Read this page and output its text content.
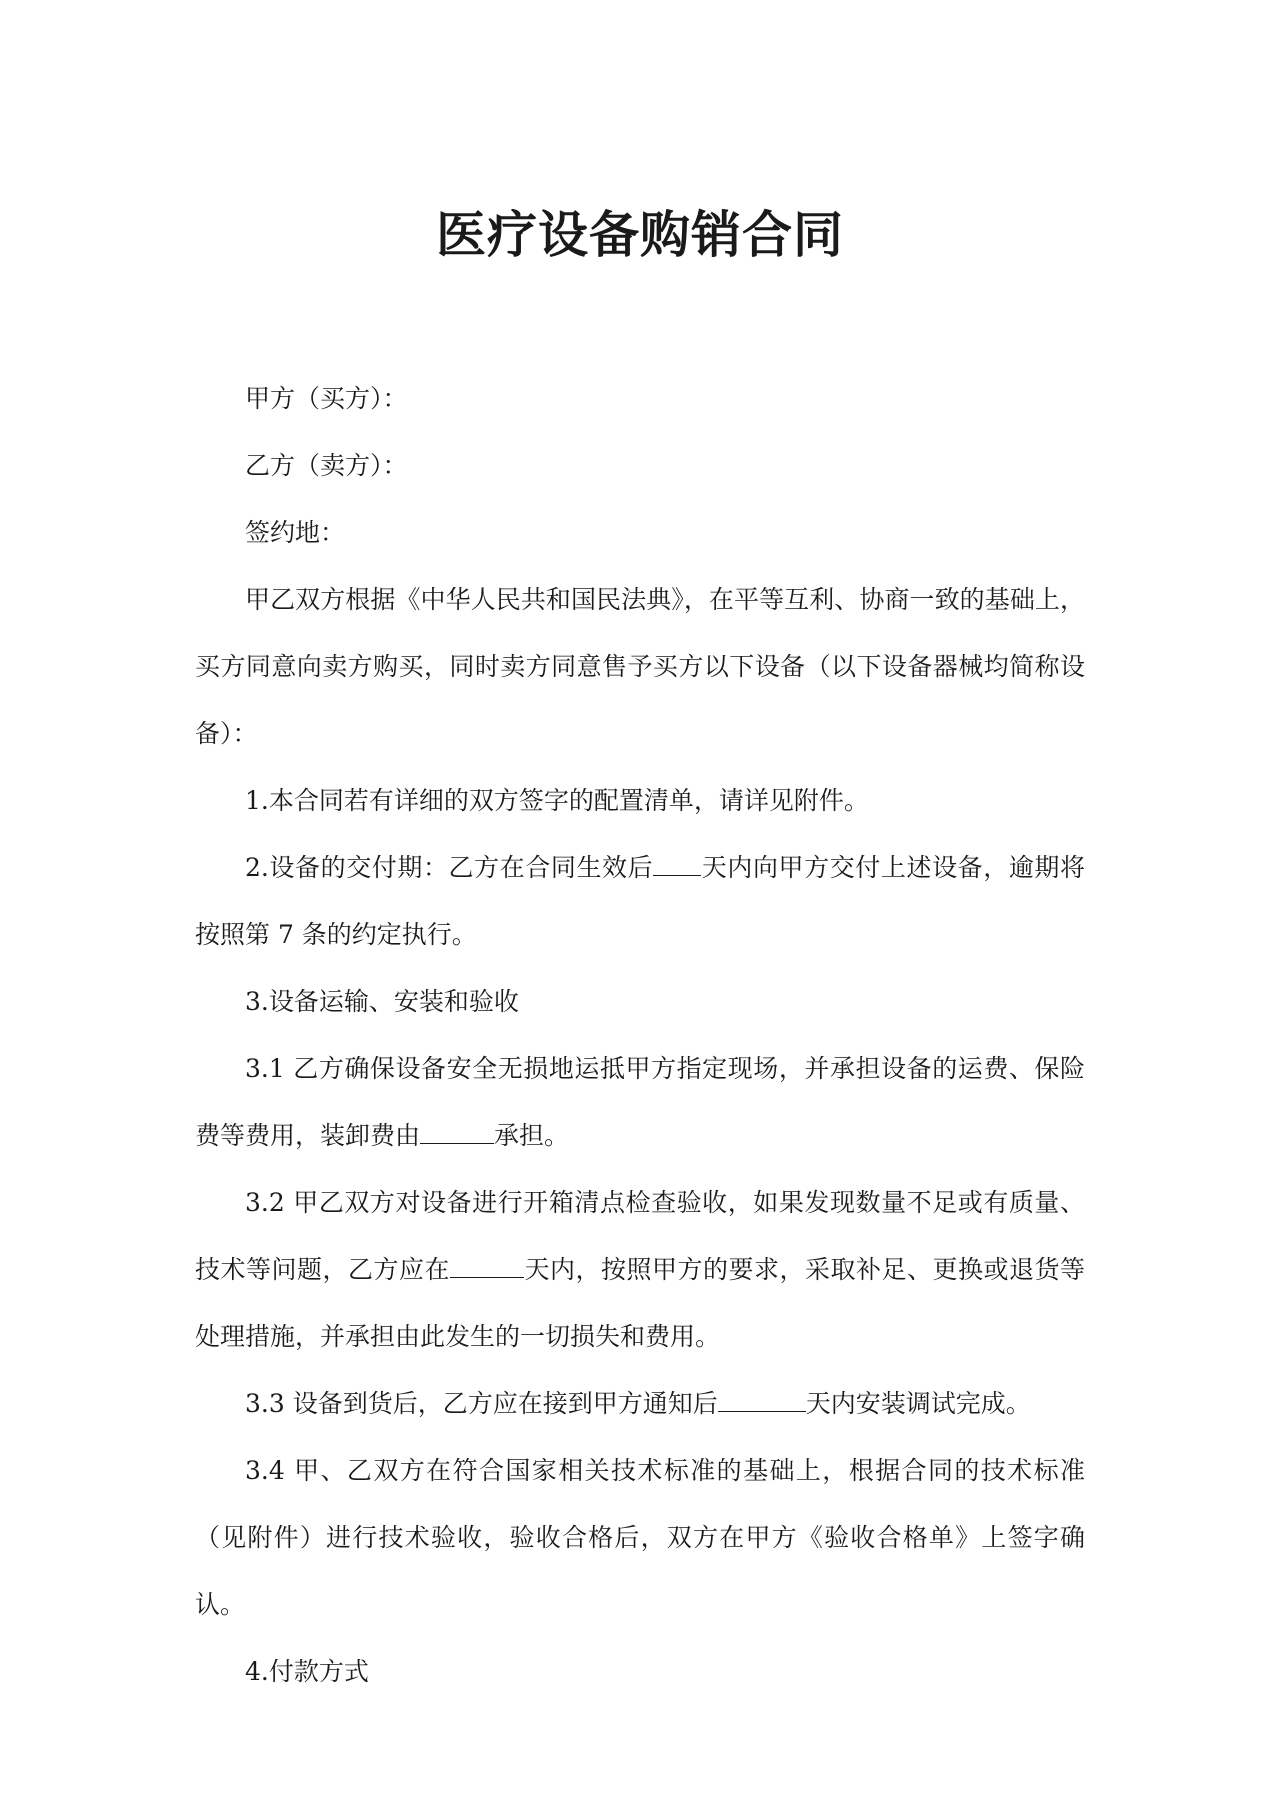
医疗设备购销合同

甲方（买方）：

乙方（卖方）：

签约地：

甲乙双方根据《中华人民共和国民法典》，在平等互利、协商一致的基础上，买方同意向卖方购买，同时卖方同意售予买方以下设备（以下设备器械均简称设备）：

1.本合同若有详细的双方签字的配置清单，请详见附件。

2.设备的交付期：乙方在合同生效后 天内向甲方交付上述设备，逾期将按照第 7 条的约定执行。

3.设备运输、安装和验收

3.1 乙方确保设备安全无损地运抵甲方指定现场，并承担设备的运费、保险费等费用，装卸费由	承担。

3.2 甲乙双方对设备进行开箱清点检查验收，如果发现数量不足或有质量、技术等问题，乙方应在	天内，按照甲方的要求，采取补足、更换或退货等处理措施，并承担由此发生的一切损失和费用。

3.3 设备到货后，乙方应在接到甲方通知后	天内安装调试完成。

3.4 甲、乙双方在符合国家相关技术标准的基础上，根据合同的技术标准（见附件）进行技术验收，验收合格后，双方在甲方《验收合格单》上签字确认。

4.付款方式
